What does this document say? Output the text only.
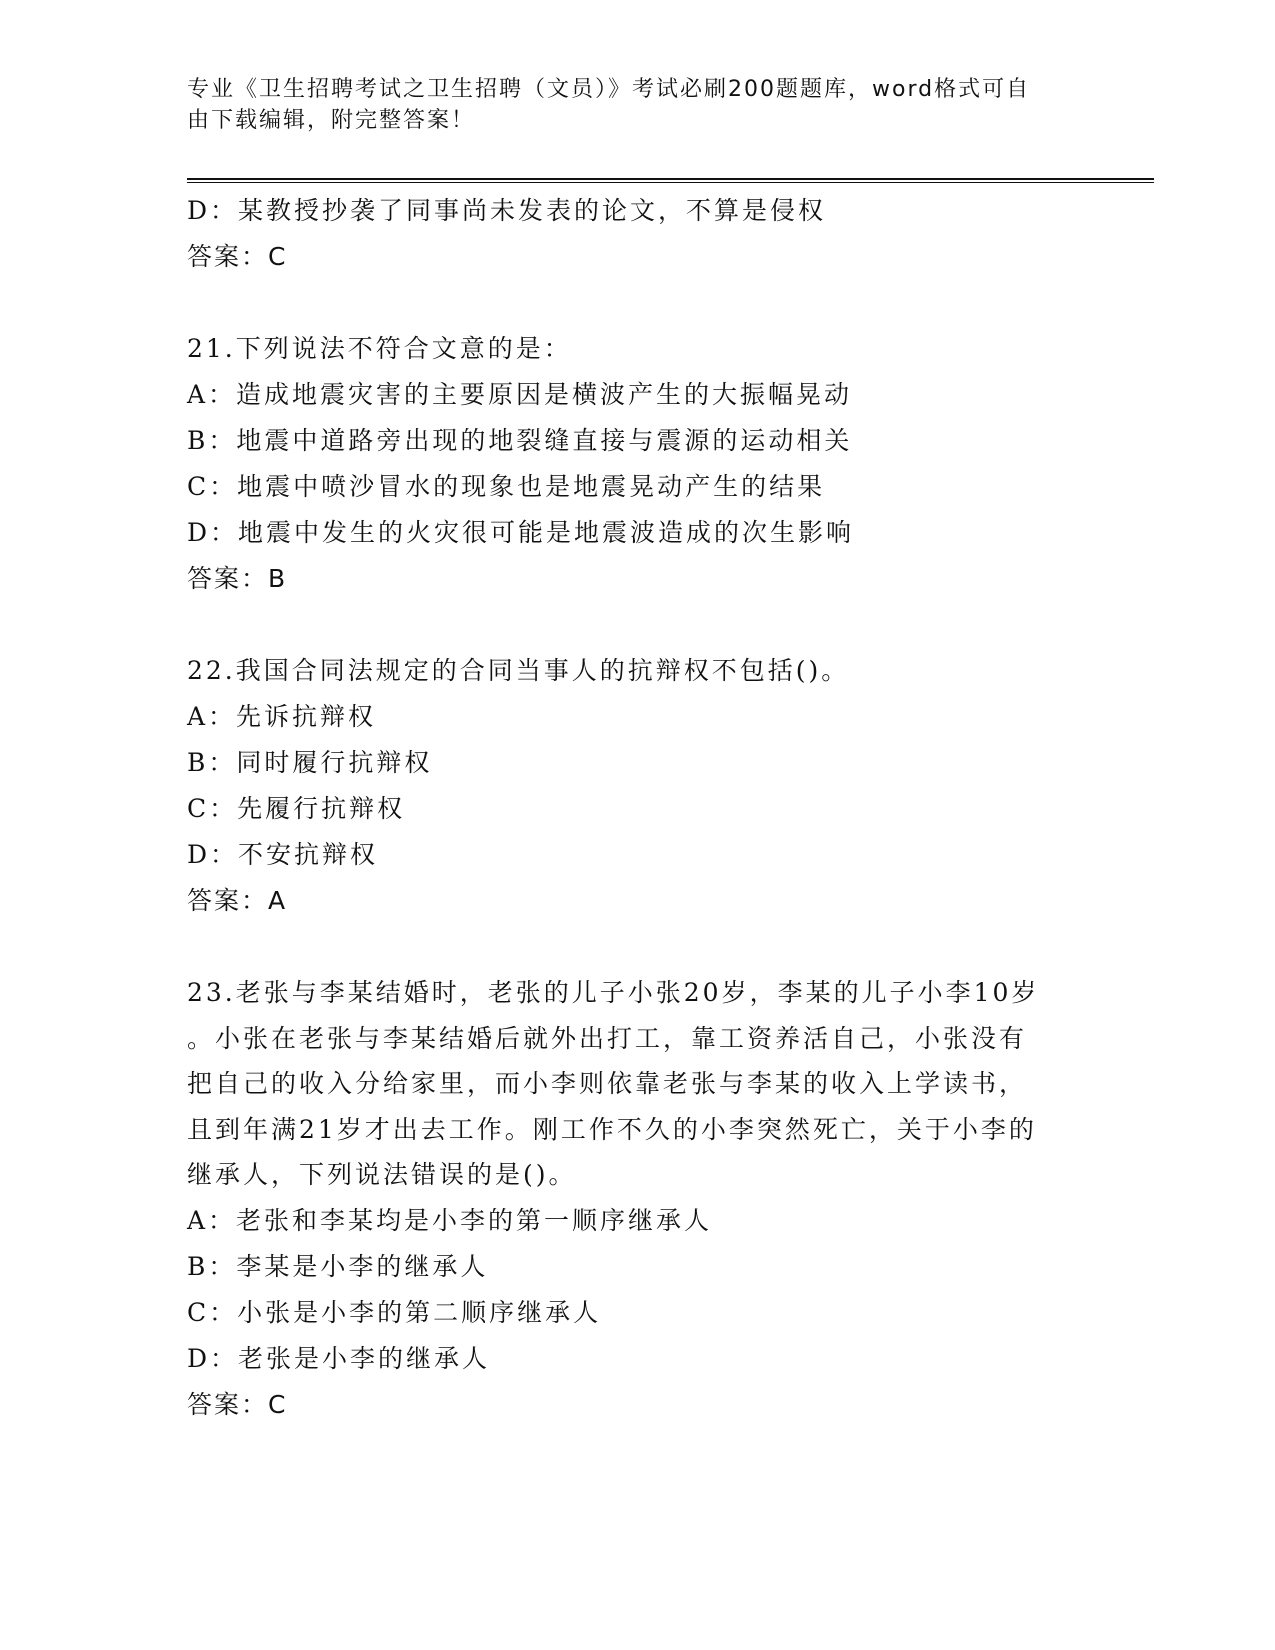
专业《卫生招聘考试之卫生招聘（文员）》考试必刷200题题库，word格式可自
由下载编辑，附完整答案！
D：某教授抄袭了同事尚未发表的论文，不算是侵权
答案：C
21.下列说法不符合文意的是：
A：造成地震灾害的主要原因是横波产生的大振幅晃动
B：地震中道路旁出现的地裂缝直接与震源的运动相关
C：地震中喷沙冒水的现象也是地震晃动产生的结果
D：地震中发生的火灾很可能是地震波造成的次生影响
答案：B
22.我国合同法规定的合同当事人的抗辩权不包括()。
A：先诉抗辩权
B：同时履行抗辩权
C：先履行抗辩权
D：不安抗辩权
答案：A
23.老张与李某结婚时，老张的儿子小张20岁，李某的儿子小李10岁
。小张在老张与李某结婚后就外出打工，靠工资养活自己，小张没有
把自己的收入分给家里，而小李则依靠老张与李某的收入上学读书，
且到年满21岁才出去工作。刚工作不久的小李突然死亡，关于小李的
继承人，下列说法错误的是()。
A：老张和李某均是小李的第一顺序继承人
B：李某是小李的继承人
C：小张是小李的第二顺序继承人
D：老张是小李的继承人
答案：C
